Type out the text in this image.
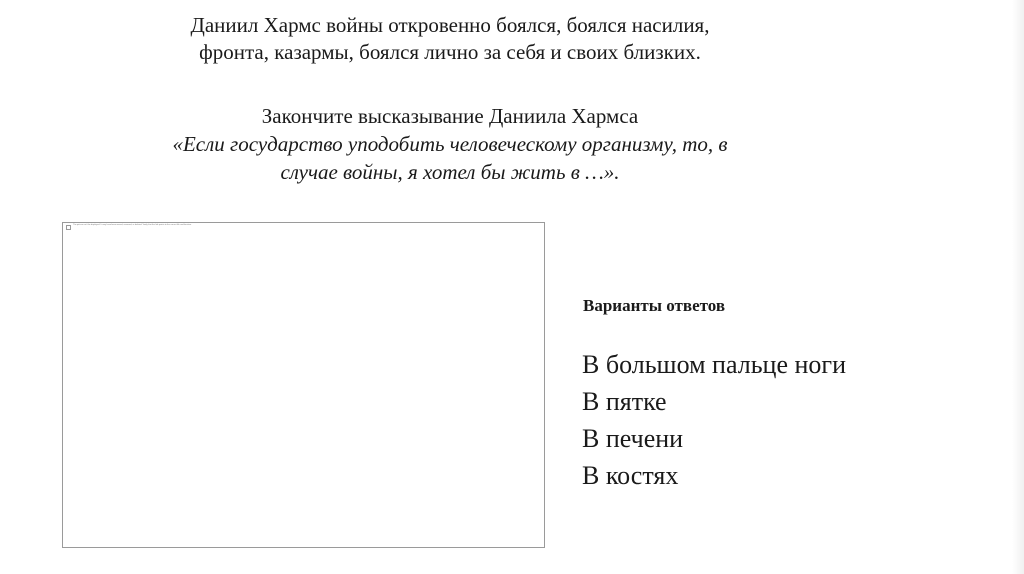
Даниил Хармс войны откровенно боялся, боялся насилия,
фронта, казармы, боялся лично за себя и своих близких.
Закончите высказывание Даниила Хармса
«Если государство уподобить человеческому организму, то, в
случае войны, я хотел бы жить в …».
The picture can't be displayed. It may have been moved, renamed, or deleted. Verify that the link points to the correct file and location.
Варианты ответов
В большом пальце ноги
В пятке
В печени
В костях
